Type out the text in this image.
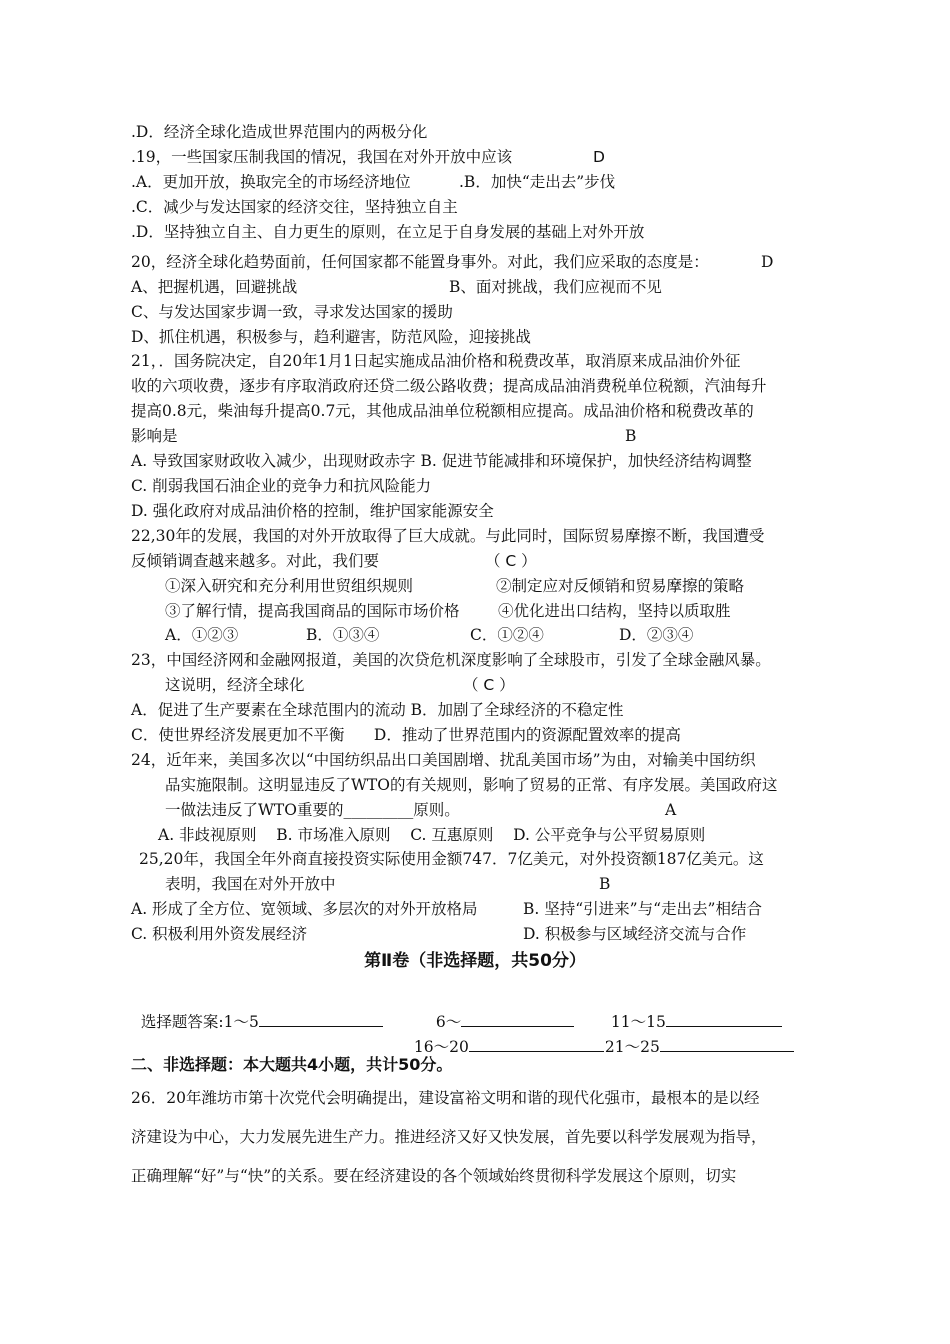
.D．经济全球化造成世界范围内的两极分化
.19，一些国家压制我国的情况，我国在对外开放中应该	D
.A．更加开放，换取完全的市场经济地位	.B．加快“走出去”步伐
.C．减少与发达国家的经济交往，坚持独立自主
.D．坚持独立自主、自力更生的原则，在立足于自身发展的基础上对外开放
20，经济全球化趋势面前，任何国家都不能置身事外。对此，我们应采取的态度是：	D
A、把握机遇，回避挑战	B、面对挑战，我们应视而不见
C、与发达国家步调一致，寻求发达国家的援助
D、抓住机遇，积极参与，趋利避害，防范风险，迎接挑战
21，．国务院决定，自20年1月1日起实施成品油价格和税费改革，取消原来成品油价外征
收的六项收费，逐步有序取消政府还贷二级公路收费；提高成品油消费税单位税额，汽油每升
提高0.8元，柴油每升提高0.7元，其他成品油单位税额相应提高。成品油价格和税费改革的
影响是	B
A. 导致国家财政收入减少，出现财政赤字 B. 促进节能减排和环境保护，加快经济结构调整
C. 削弱我国石油企业的竞争力和抗风险能力
D. 强化政府对成品油价格的控制，维护国家能源安全
22,30年的发展，我国的对外开放取得了巨大成就。与此同时，国际贸易摩擦不断，我国遭受
反倾销调查越来越多。对此，我们要	（ C ）
①深入研究和充分利用世贸组织规则	②制定应对反倾销和贸易摩擦的策略
③了解行情，提高我国商品的国际市场价格 ④优化进出口结构，坚持以质取胜
A．①②③	B．①③④	C．①②④	D．②③④
23，中国经济网和金融网报道，美国的次贷危机深度影响了全球股市，引发了全球金融风暴。
这说明，经济全球化	（ C ）
A．促进了生产要素在全球范围内的流动 B．加剧了全球经济的不稳定性
C．使世界经济发展更加不平衡      D．推动了世界范围内的资源配置效率的提高
24，近年来，美国多次以“中国纺织品出口美国剧增、扰乱美国市场”为由，对输美中国纺织
品实施限制。这明显违反了WTO的有关规则，影响了贸易的正常、有序发展。美国政府这
一做法违反了WTO重要的_________原则。	A
A. 非歧视原则    B. 市场准入原则    C. 互惠原则    D. 公平竞争与公平贸易原则
25,20年，我国全年外商直接投资实际使用金额747．7亿美元，对外投资额187亿美元。这
表明，我国在对外开放中	B
A. 形成了全方位、宽领域、多层次的对外开放格局	B. 坚持“引进来”与“走出去”相结合
C. 积极利用外资发展经济	D. 积极参与区域经济交流与合作
第Ⅱ卷（非选择题，共50分）

选择题答案:1～5	6～	11～15

16～20	21～25

二、非选择题：本大题共4小题，共计50分。
26．20年潍坊市第十次党代会明确提出，建设富裕文明和谐的现代化强市，最根本的是以经
济建设为中心，大力发展先进生产力。推进经济又好又快发展，首先要以科学发展观为指导，
正确理解“好”与“快”的关系。要在经济建设的各个领域始终贯彻科学发展这个原则，切实
